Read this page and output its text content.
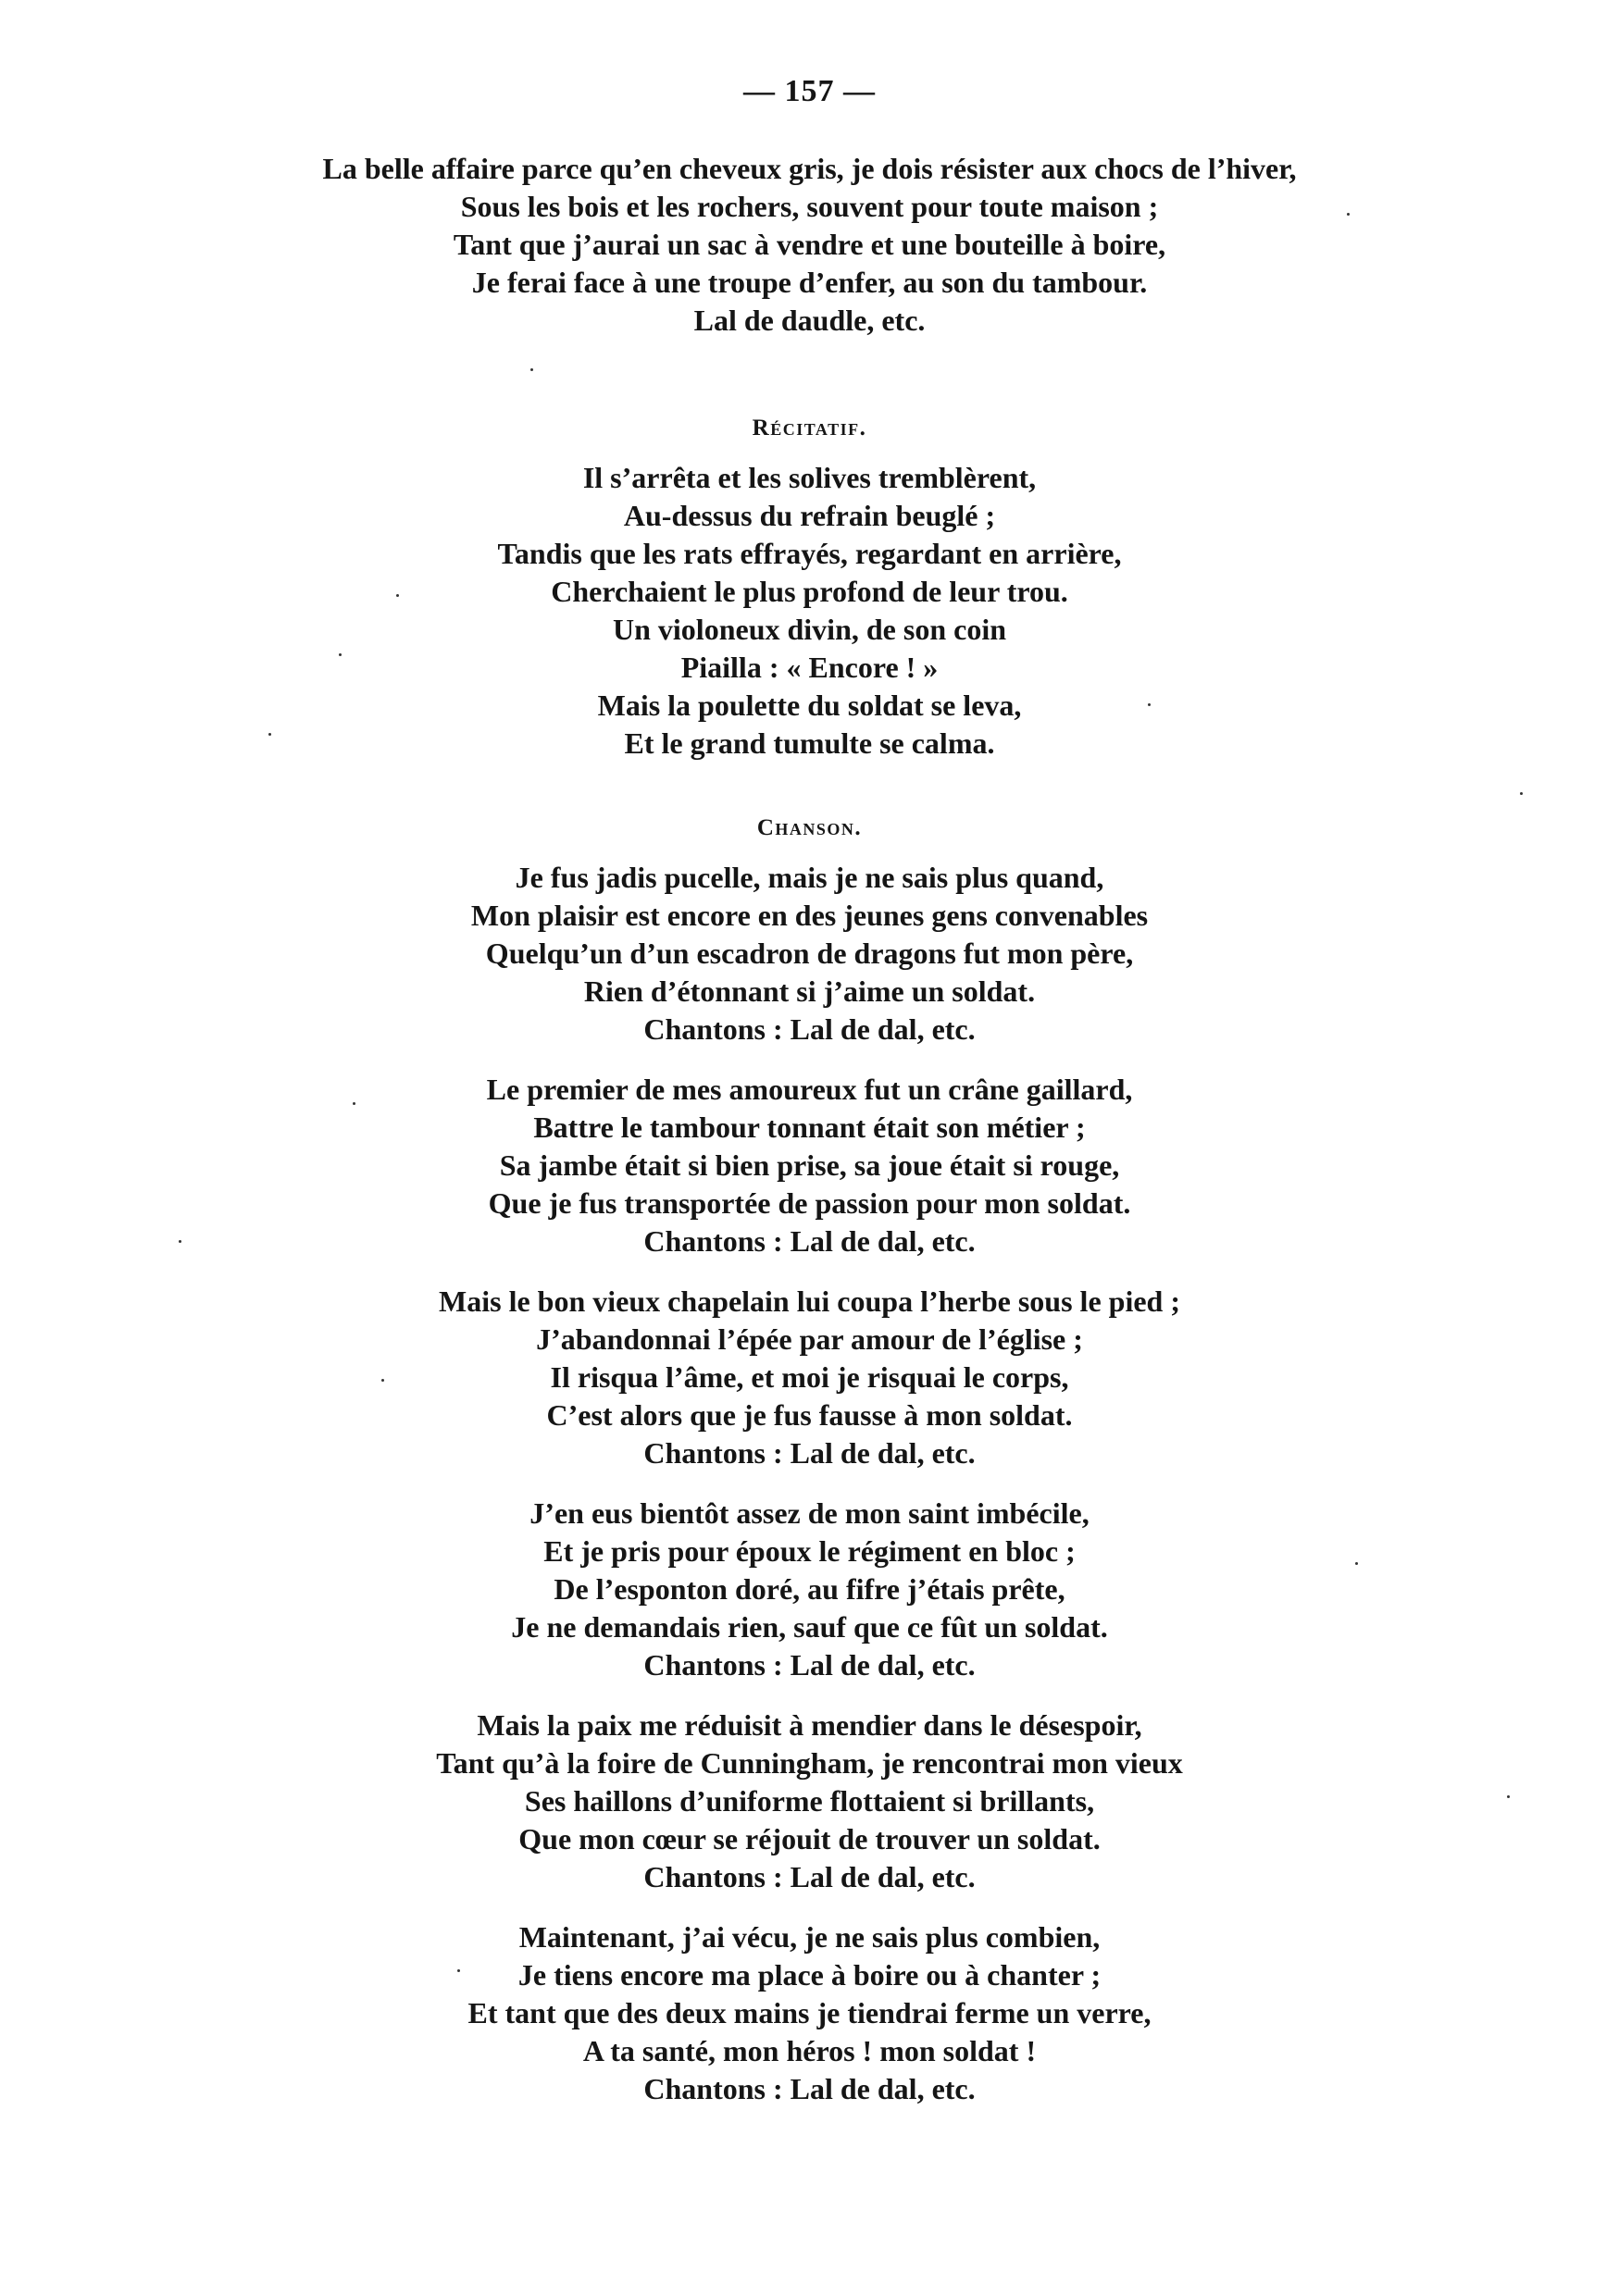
— 157 —
La belle affaire parce qu’en cheveux gris, je dois résister aux chocs de l’hiver,
Sous les bois et les rochers, souvent pour toute maison ;
Tant que j’aurai un sac à vendre et une bouteille à boire,
Je ferai face à une troupe d’enfer, au son du tambour.
Lal de daudle, etc.
Récitatif.
Il s’arrêta et les solives tremblèrent,
Au-dessus du refrain beuglé ;
Tandis que les rats effrayés, regardant en arrière,
Cherchaient le plus profond de leur trou.
Un violoneux divin, de son coin
Piailla : « Encore ! »
Mais la poulette du soldat se leva,
Et le grand tumulte se calma.
Chanson.
Je fus jadis pucelle, mais je ne sais plus quand,
Mon plaisir est encore en des jeunes gens convenables
Quelqu’un d’un escadron de dragons fut mon père,
Rien d’étonnant si j’aime un soldat.
Chantons : Lal de dal, etc.
Le premier de mes amoureux fut un crâne gaillard,
Battre le tambour tonnant était son métier ;
Sa jambe était si bien prise, sa joue était si rouge,
Que je fus transportée de passion pour mon soldat.
Chantons : Lal de dal, etc.
Mais le bon vieux chapelain lui coupa l’herbe sous le pied ;
J’abandonnai l’épée par amour de l’église ;
Il risqua l’âme, et moi je risquai le corps,
C’est alors que je fus fausse à mon soldat.
Chantons : Lal de dal, etc.
J’en eus bientôt assez de mon saint imbécile,
Et je pris pour époux le régiment en bloc ;
De l’esponton doré, au fifre j’étais prête,
Je ne demandais rien, sauf que ce fût un soldat.
Chantons : Lal de dal, etc.
Mais la paix me réduisit à mendier dans le désespoir,
Tant qu’à la foire de Cunningham, je rencontrai mon vieux
Ses haillons d’uniforme flottaient si brillants,
Que mon cœur se réjouit de trouver un soldat.
Chantons : Lal de dal, etc.
Maintenant, j’ai vécu, je ne sais plus combien,
Je tiens encore ma place à boire ou à chanter ;
Et tant que des deux mains je tiendrai ferme un verre,
A ta santé, mon héros ! mon soldat !
Chantons : Lal de dal, etc.
